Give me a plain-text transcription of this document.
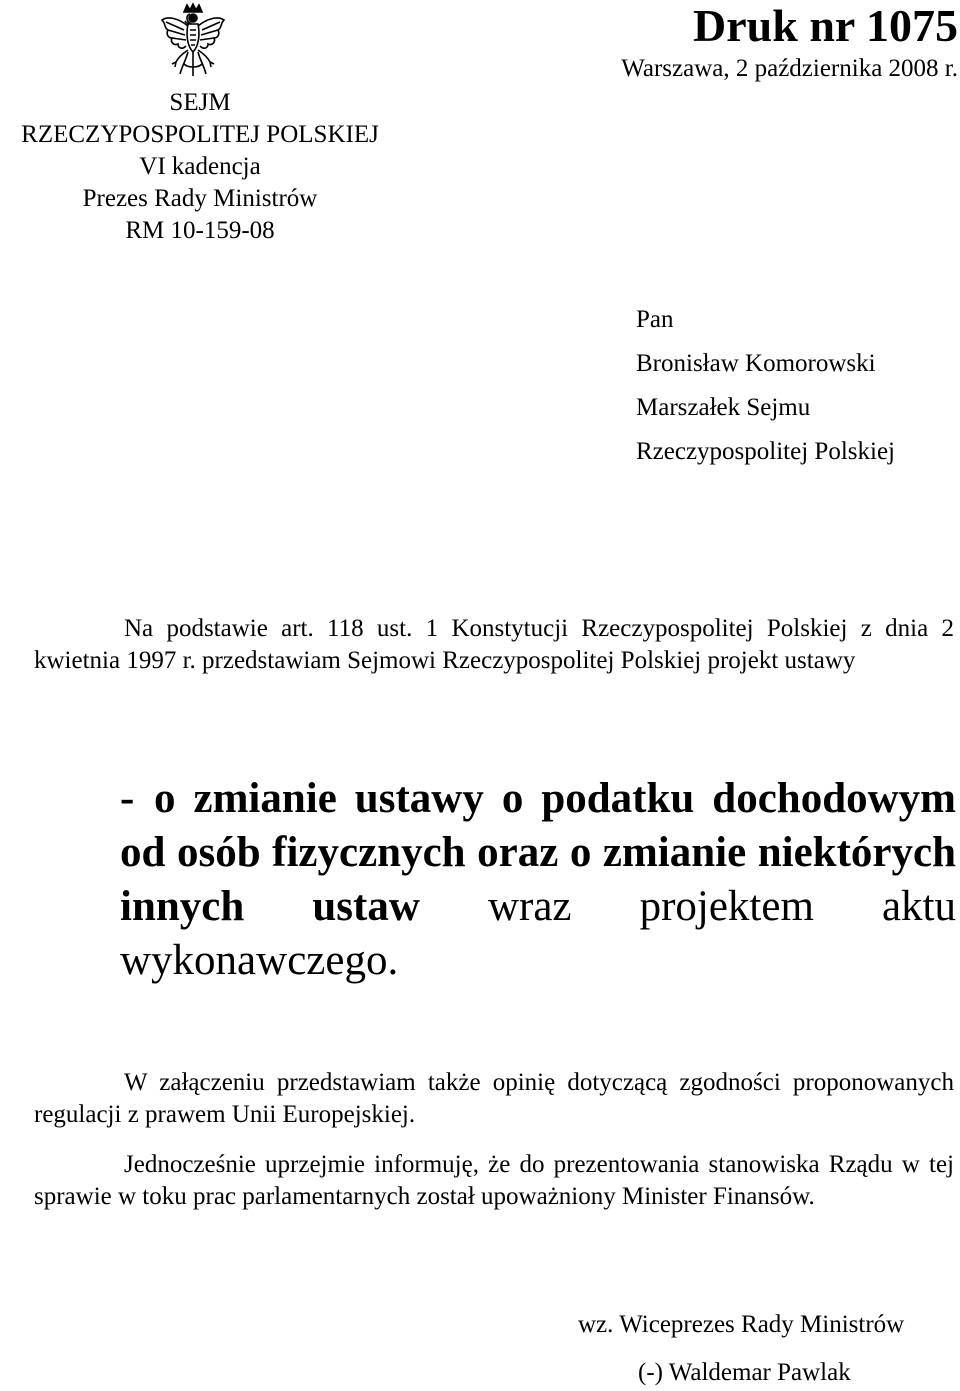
SEJM
RZECZYPOSPOLITEJ POLSKIEJ
VI kadencja
Prezes Rady Ministrów
RM 10-159-08
Druk nr 1075
Warszawa, 2 października 2008 r.
Pan
Bronisław Komorowski
Marszałek Sejmu
Rzeczypospolitej Polskiej

Na podstawie art. 118 ust. 1 Konstytucji Rzeczypospolitej Polskiej z dnia 2 kwietnia 1997 r. przedstawiam Sejmowi Rzeczypospolitej Polskiej projekt ustawy

- o zmianie ustawy o podatku dochodowym od osób fizycznych oraz o zmianie niektórych innych ustaw wraz projektem aktu wykonawczego.

W załączeniu przedstawiam także opinię dotyczącą zgodności proponowanych regulacji z prawem Unii Europejskiej.

Jednocześnie uprzejmie informuję, że do prezentowania stanowiska Rządu w tej sprawie w toku prac parlamentarnych został upoważniony Minister Finansów.

wz. Wiceprezes Rady Ministrów
(-) Waldemar Pawlak
